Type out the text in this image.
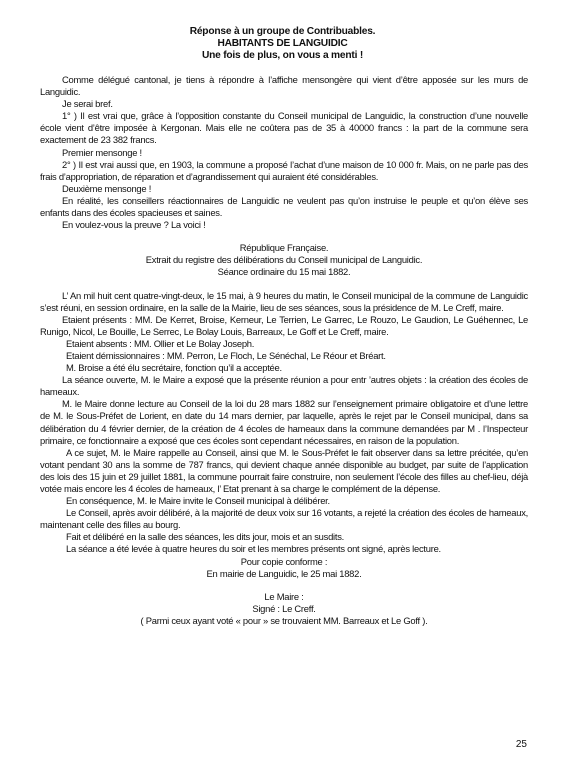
Réponse à un groupe de Contribuables.
HABITANTS DE LANGUIDIC
Une fois de plus, on vous a menti !

Comme délégué cantonal, je tiens à répondre à l’affiche mensongère qui vient d’être apposée sur les murs de Languidic.

Je serai bref.

1° ) Il est vrai que, grâce à l’opposition constante du Conseil municipal de Languidic, la construction d’une nouvelle école vient d’être imposée à Kergonan. Mais elle ne coûtera pas de 35 à 40000 francs : la part de la commune sera exactement de 23 382 francs.

Premier mensonge !

2° ) Il est vrai aussi que, en 1903, la commune a proposé l’achat d’une maison de 10 000 fr. Mais, on ne parle pas des frais d’appropriation, de réparation et d’agrandissement qui auraient été considérables.

Deuxième mensonge !

En réalité, les conseillers réactionnaires de Languidic ne veulent pas qu’on instruise le peuple et qu’on élève ses enfants dans des écoles spacieuses et saines.

En voulez-vous la preuve ? La voici !

République Française.

Extrait du registre des délibérations du Conseil municipal de Languidic.

Séance ordinaire du 15 mai 1882.

L’ An mil huit cent quatre-vingt-deux, le 15 mai, à 9 heures du matin, le Conseil municipal de la commune de Languidic s’est réuni, en session ordinaire, en la salle de la Mairie, lieu de ses séances, sous la présidence de M. Le Creff, maire.

Etaient présents : MM. De Kerret, Broise, Kerneur, Le Terrien, Le Garrec, Le Rouzo, Le Gaudion, Le Guéhennec, Le Runigo, Nicol, Le Bouille, Le Serrec, Le Bolay Louis, Barreaux, Le Goff et Le Creff, maire.

Etaient absents : MM. Ollier et Le Bolay Joseph.

Etaient démissionnaires : MM. Perron, Le Floch, Le Sénéchal, Le Réour et Bréart.

M. Broise a été élu secrétaire, fonction qu’il a acceptée.

La séance ouverte, M. le Maire a exposé que la présente réunion a pour entr ’autres objets : la création des écoles de hameaux.

M. le Maire donne lecture au Conseil de la loi du 28 mars 1882 sur l’enseignement primaire obligatoire et d’une lettre de M. le Sous-Préfet de Lorient, en date du 14 mars dernier, par laquelle, après le rejet par le Conseil municipal, dans sa délibération du 4 février dernier, de la création de 4 écoles de hameaux dans la commune demandées par M . l’Inspecteur primaire, ce fonctionnaire a exposé que ces écoles sont cependant nécessaires, en raison de la population.

A ce sujet, M. le Maire rappelle au Conseil, ainsi que M. le Sous-Préfet le fait observer dans sa lettre précitée, qu’en votant pendant 30 ans la somme de 787 francs, qui devient chaque année disponible au budget, par suite de l’application des lois des 15 juin et 29 juillet 1881, la commune pourrait faire construire, non seulement l’école des filles au chef-lieu, déjà votée mais encore les 4 écoles de hameaux, l’ Etat prenant à sa charge le complément de la dépense.

En conséquence, M. le Maire invite le Conseil municipal à délibérer.

Le Conseil, après avoir délibéré, à la majorité de deux voix sur 16 votants, a rejeté la création des écoles de hameaux, maintenant celle des filles au bourg.

Fait et délibéré en la salle des séances, les dits jour, mois et an susdits.

La séance a été levée à quatre heures du soir et les membres présents ont signé, après lecture.

Pour copie conforme :

En mairie de Languidic, le 25 mai 1882.

Le Maire :

Signé : Le Creff.

( Parmi ceux ayant voté « pour » se trouvaient MM. Barreaux et Le Goff ).

25
